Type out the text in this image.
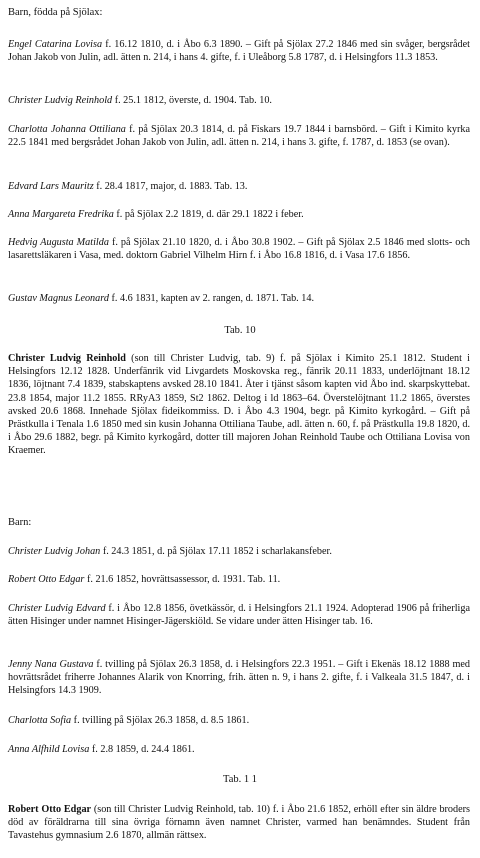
Barn, födda på Sjölax:

Engel Catarina Lovisa f. 16.12 1810, d. i Åbo 6.3 1890. – Gift på Sjölax 27.2 1846 med sin svåger, bergsrådet Johan Jakob von Julin, adl. ätten n. 214, i hans 4. gifte, f. i Uleåborg 5.8 1787, d. i Helsingfors 11.3 1853.

Christer Ludvig Reinhold f. 25.1 1812, överste, d. 1904. Tab. 10.

Charlotta Johanna Ottiliana f. på Sjölax 20.3 1814, d. på Fiskars 19.7 1844 i barnsbörd. – Gift i Kimito kyrka 22.5 1841 med bergsrådet Johan Jakob von Julin, adl. ätten n. 214, i hans 3. gifte, f. 1787, d. 1853 (se ovan).

Edvard Lars Mauritz f. 28.4 1817, major, d. 1883. Tab. 13.

Anna Margareta Fredrika f. på Sjölax 2.2 1819, d. där 29.1 1822 i feber.

Hedvig Augusta Matilda f. på Sjölax 21.10 1820, d. i Åbo 30.8 1902. – Gift på Sjölax 2.5 1846 med slotts- och lasarettsläkaren i Vasa, med. doktorn Gabriel Vilhelm Hirn f. i Åbo 16.8 1816, d. i Vasa 17.6 1856.

Gustav Magnus Leonard f. 4.6 1831, kapten av 2. rangen, d. 1871. Tab. 14.

Tab. 10

Christer Ludvig Reinhold (son till Christer Ludvig, tab. 9) f. på Sjölax i Kimito 25.1 1812. Student i Helsingfors 12.12 1828. Underfänrik vid Livgardets Moskovska reg., fänrik 20.11 1833, underlöjtnant 18.12 1836, löjtnant 7.4 1839, stabskaptens avsked 28.10 1841. Åter i tjänst såsom kapten vid Åbo ind. skarpskyttebat. 23.8 1854, major 11.2 1855. RRyA3 1859, St2 1862. Deltog i ld 1863–64. Överstelöjtnant 11.2 1865, överstes avsked 20.6 1868. Innehade Sjölax fideikommiss. D. i Åbo 4.3 1904, begr. på Kimito kyrkogård. – Gift på Prästkulla i Tenala 1.6 1850 med sin kusin Johanna Ottiliana Taube, adl. ätten n. 60, f. på Prästkulla 19.8 1820, d. i Åbo 29.6 1882, begr. på Kimito kyrkogård, dotter till majoren Johan Reinhold Taube och Ottiliana Lovisa von Kraemer.

Barn:

Christer Ludvig Johan f. 24.3 1851, d. på Sjölax 17.11 1852 i scharlakansfeber.

Robert Otto Edgar f. 21.6 1852, hovrättsassessor, d. 1931. Tab. 11.

Christer Ludvig Edvard f. i Åbo 12.8 1856, övetkässör, d. i Helsingfors 21.1 1924. Adopterad 1906 på friherliga ätten Hisinger under namnet Hisinger-Jägerskiöld. Se vidare under ätten Hisinger tab. 16.

Jenny Nana Gustava f. tvilling på Sjölax 26.3 1858, d. i Helsingfors 22.3 1951. – Gift i Ekenäs 18.12 1888 med hovrättsrådet friherre Johannes Alarik von Knorring, frih. ätten n. 9, i hans 2. gifte, f. i Valkeala 31.5 1847, d. i Helsingfors 14.3 1909.

Charlotta Sofia f. tvilling på Sjölax 26.3 1858, d. 8.5 1861.

Anna Alfhild Lovisa f. 2.8 1859, d. 24.4 1861.

Tab. 1 1

Robert Otto Edgar (son till Christer Ludvig Reinhold, tab. 10) f. i Åbo 21.6 1852, erhöll efter sin äldre broders död av föräldrarna till sina övriga förnamn även namnet Christer, varmed han benämndes. Student från Tavastehus gymnasium 2.6 1870, allmän rättsex.
